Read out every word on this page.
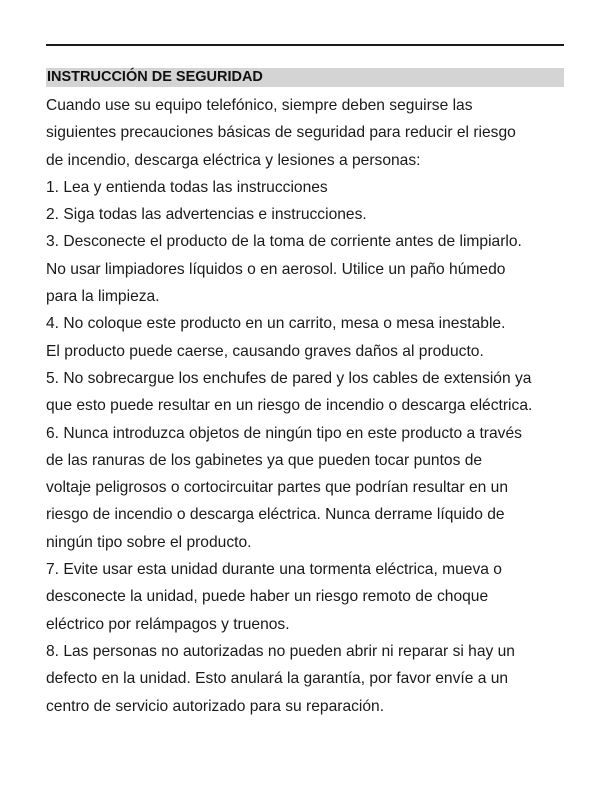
INSTRUCCIÓN DE SEGURIDAD
Cuando use su equipo telefónico, siempre deben seguirse las
siguientes precauciones básicas de seguridad para reducir el riesgo
de incendio, descarga eléctrica y lesiones a personas:
1. Lea y entienda todas las instrucciones
2. Siga todas las advertencias e instrucciones.
3. Desconecte el producto de la toma de corriente antes de limpiarlo.
No usar limpiadores líquidos o en aerosol. Utilice un paño húmedo
para la limpieza.
4. No coloque este producto en un carrito, mesa o mesa inestable.
El producto puede caerse, causando graves daños al producto.
5. No sobrecargue los enchufes de pared y los cables de extensión ya
que esto puede resultar en un riesgo de incendio o descarga eléctrica.
6. Nunca introduzca objetos de ningún tipo en este producto a través
de las ranuras de los gabinetes ya que pueden tocar puntos de
voltaje peligrosos o cortocircuitar partes que podrían resultar en un
riesgo de incendio o descarga eléctrica. Nunca derrame líquido de
ningún tipo sobre el producto.
7. Evite usar esta unidad durante una tormenta eléctrica, mueva o
desconecte la unidad, puede haber un riesgo remoto de choque
eléctrico por relámpagos y truenos.
8. Las personas no autorizadas no pueden abrir ni reparar si hay un
defecto en la unidad. Esto anulará la garantía, por favor envíe a un
centro de servicio autorizado para su reparación.
